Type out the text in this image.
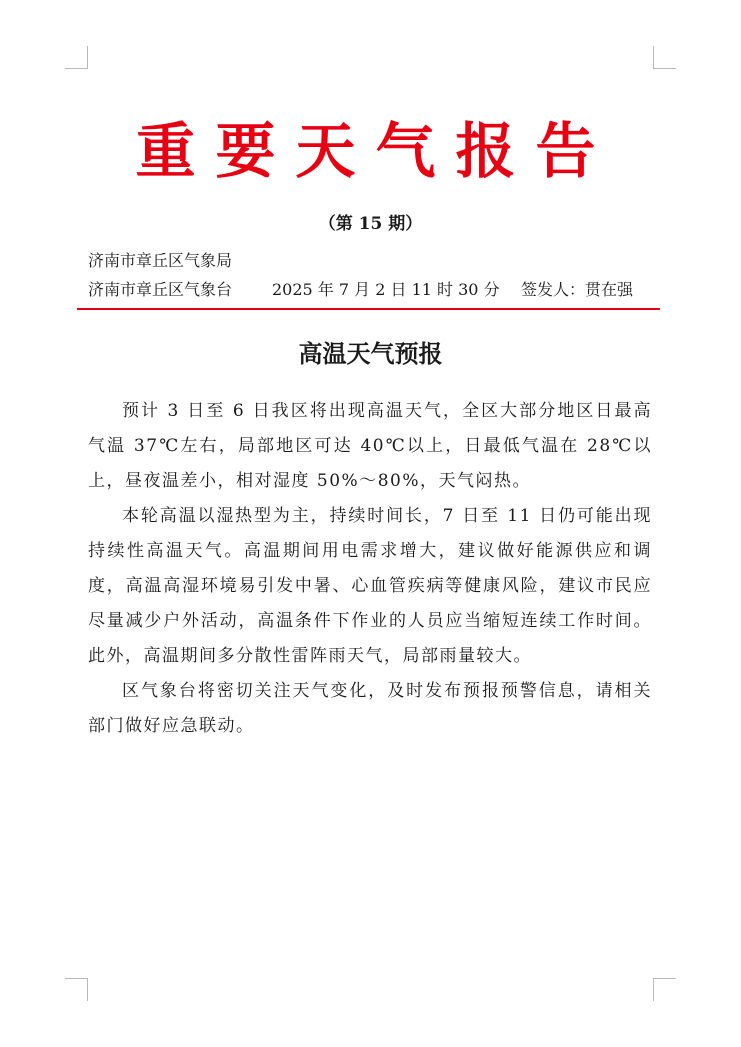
重要天气报告
（第 15 期）
济南市章丘区气象局
济南市章丘区气象台 2025 年 7 月 2 日 11 时 30 分 签发人：贯在强
高温天气预报

预计 3 日至 6 日我区将出现高温天气，全区大部分地区日最高气温 37℃左右，局部地区可达 40℃以上，日最低气温在 28℃以上，昼夜温差小，相对湿度 50%～80%，天气闷热。

本轮高温以湿热型为主，持续时间长，7 日至 11 日仍可能出现持续性高温天气。高温期间用电需求增大，建议做好能源供应和调度，高温高湿环境易引发中暑、心血管疾病等健康风险，建议市民应尽量减少户外活动，高温条件下作业的人员应当缩短连续工作时间。此外，高温期间多分散性雷阵雨天气，局部雨量较大。

区气象台将密切关注天气变化，及时发布预报预警信息，请相关部门做好应急联动。
